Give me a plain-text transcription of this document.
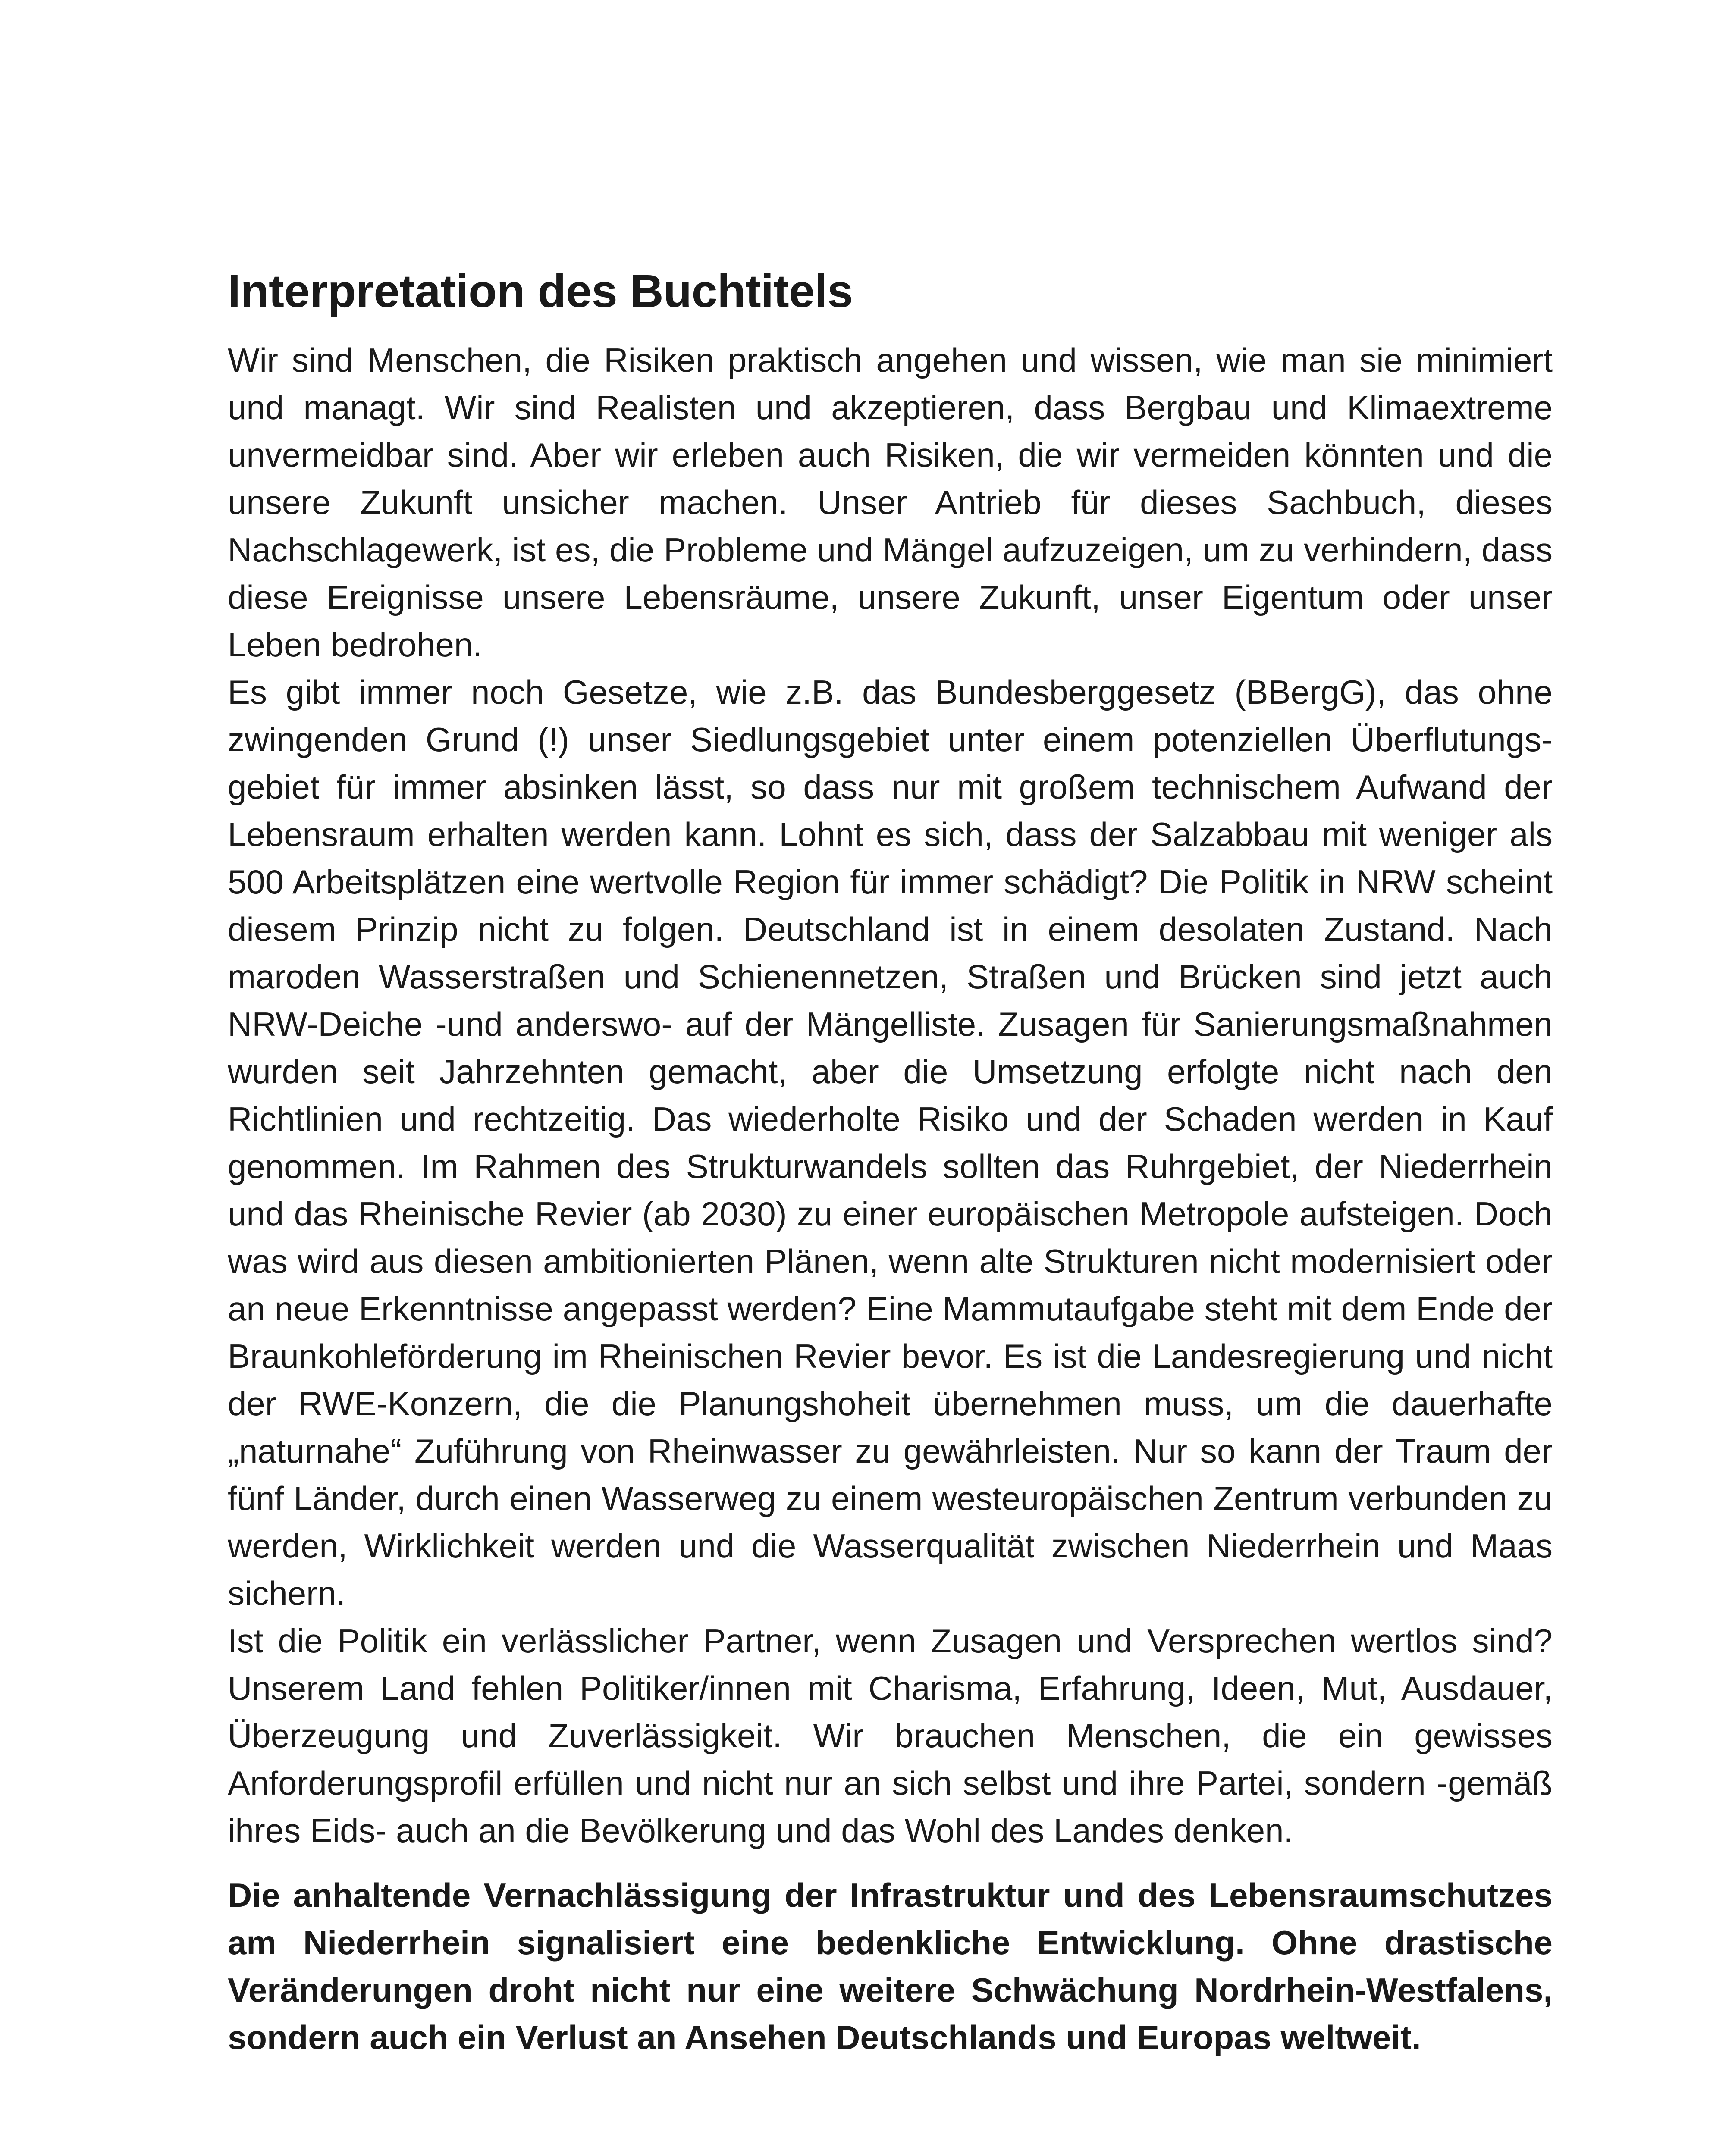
Interpretation des Buchtitels

Wir sind Menschen, die Risiken praktisch angehen und wissen, wie man sie minimiert und managt. Wir sind Realisten und akzeptieren, dass Bergbau und Klimaextreme unvermeidbar sind. Aber wir erleben auch Risiken, die wir vermeiden könnten und die unsere Zukunft unsicher machen. Unser Antrieb für dieses Sachbuch, dieses Nachschlagewerk, ist es, die Probleme und Mängel aufzuzeigen, um zu verhindern, dass diese Ereignisse unsere Lebensräume, unsere Zukunft, unser Eigentum oder unser Leben bedrohen.

Es gibt immer noch Gesetze, wie z.B. das Bundesberggesetz (BBergG), das ohne zwingenden Grund (!) unser Siedlungsgebiet unter einem potenziellen Überflutungsgebiet für immer absinken lässt, so dass nur mit großem technischem Aufwand der Lebensraum erhalten werden kann. Lohnt es sich, dass der Salzabbau mit weniger als 500 Arbeitsplätzen eine wertvolle Region für immer schädigt? Die Politik in NRW scheint diesem Prinzip nicht zu folgen. Deutschland ist in einem desolaten Zustand. Nach maroden Wasserstraßen und Schienennetzen, Straßen und Brücken sind jetzt auch NRW-Deiche -und anderswo- auf der Mängelliste. Zusagen für Sanierungsmaßnahmen wurden seit Jahrzehnten gemacht, aber die Umsetzung erfolgte nicht nach den Richtlinien und rechtzeitig. Das wiederholte Risiko und der Schaden werden in Kauf genommen. Im Rahmen des Strukturwandels sollten das Ruhrgebiet, der Niederrhein und das Rheinische Revier (ab 2030) zu einer europäischen Metropole aufsteigen. Doch was wird aus diesen ambitionierten Plänen, wenn alte Strukturen nicht modernisiert oder an neue Erkenntnisse angepasst werden? Eine Mammutaufgabe steht mit dem Ende der Braunkohleförderung im Rheinischen Revier bevor. Es ist die Landesregierung und nicht der RWE-Konzern, die die Planungshoheit übernehmen muss, um die dauerhafte „naturnahe“ Zuführung von Rheinwasser zu gewährleisten. Nur so kann der Traum der fünf Länder, durch einen Wasserweg zu einem westeuropäischen Zentrum verbunden zu werden, Wirklichkeit werden und die Wasserqualität zwischen Niederrhein und Maas sichern.

Ist die Politik ein verlässlicher Partner, wenn Zusagen und Versprechen wertlos sind? Unserem Land fehlen Politiker/innen mit Charisma, Erfahrung, Ideen, Mut, Ausdauer, Überzeugung und Zuverlässigkeit. Wir brauchen Menschen, die ein gewisses Anforderungsprofil erfüllen und nicht nur an sich selbst und ihre Partei, sondern -gemäß ihres Eids- auch an die Bevölkerung und das Wohl des Landes denken.

Die anhaltende Vernachlässigung der Infrastruktur und des Lebensraumschutzes am Niederrhein signalisiert eine bedenkliche Entwicklung. Ohne drastische Veränderungen droht nicht nur eine weitere Schwächung Nordrhein-Westfalens, sondern auch ein Verlust an Ansehen Deutschlands und Europas weltweit.
